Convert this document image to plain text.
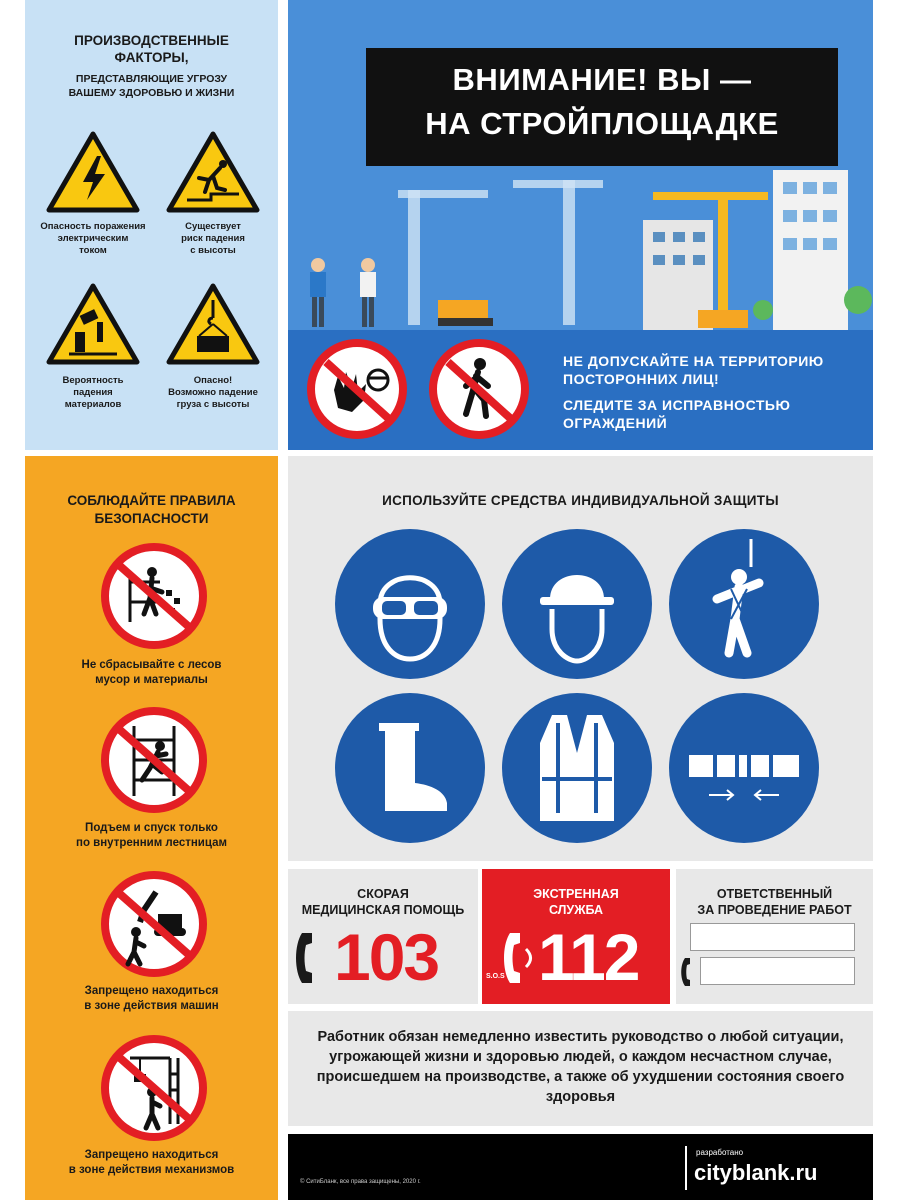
ПРОИЗВОДСТВЕННЫЕ
ФАКТОРЫ,
ПРЕДСТАВЛЯЮЩИЕ УГРОЗУ
ВАШЕМУ ЗДОРОВЬЮ И ЖИЗНИ
Опасность поражения
электрическим
током
Существует
риск падения
с высоты
Вероятность
падения
материалов
Опасно!
Возможно падение
груза с высоты
ВНИМАНИЕ! ВЫ —
НА СТРОЙПЛОЩАДКЕ
НЕ ДОПУСКАЙТЕ НА ТЕРРИТОРИЮ
ПОСТОРОННИХ ЛИЦ!
СЛЕДИТЕ ЗА ИСПРАВНОСТЬЮ
ОГРАЖДЕНИЙ
СОБЛЮДАЙТЕ ПРАВИЛА
БЕЗОПАСНОСТИ
Не сбрасывайте с лесов
мусор и материалы
Подъем и спуск только
по внутренним лестницам
Запрещено находиться
в зоне действия машин
Запрещено находиться
в зоне действия механизмов
ИСПОЛЬЗУЙТЕ СРЕДСТВА ИНДИВИДУАЛЬНОЙ ЗАЩИТЫ
СКОРАЯ
МЕДИЦИНСКАЯ ПОМОЩЬ
103
ЭКСТРЕННАЯ
СЛУЖБА
S.O.S 112
ОТВЕТСТВЕННЫЙ
ЗА ПРОВЕДЕНИЕ РАБОТ
Работник обязан немедленно известить руководство о любой ситуации, угрожающей жизни и здоровью людей, о каждом несчастном случае, происшедшем на производстве, а также об ухудшении состояния своего здоровья
© СитиБланк, все права защищены, 2020 г.
разработано
cityblank.ru
